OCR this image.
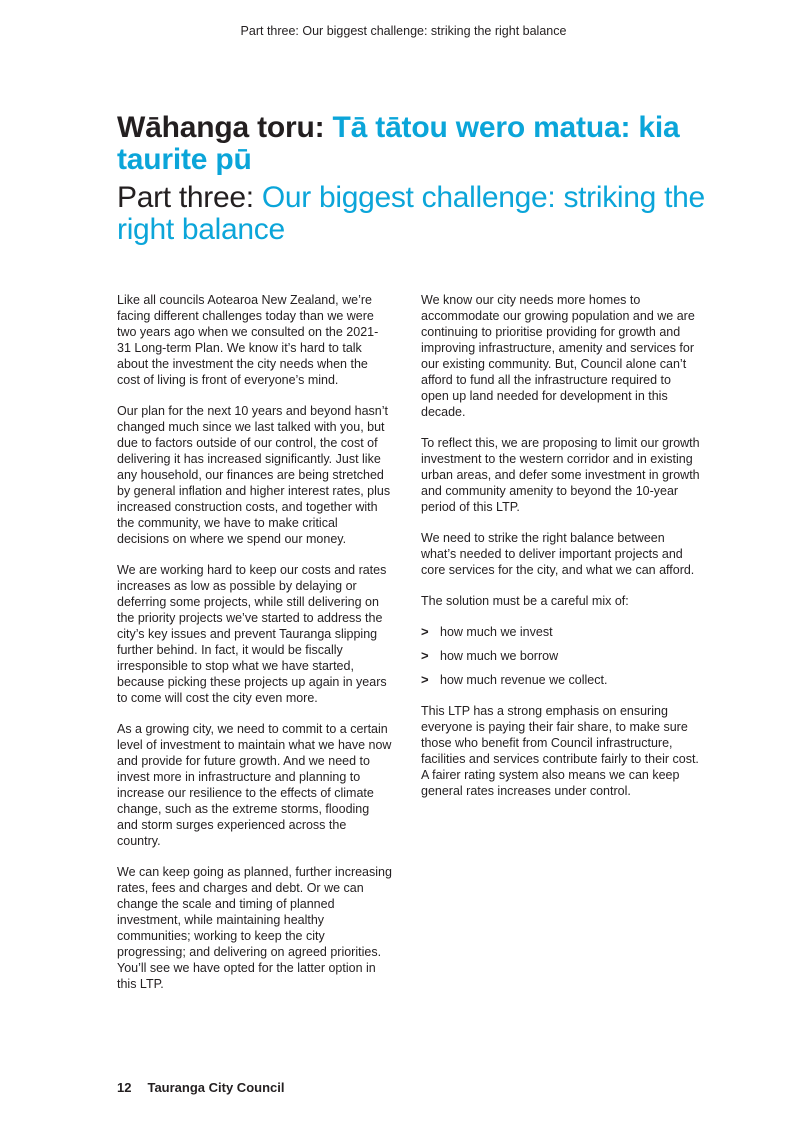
Part three: Our biggest challenge: striking the right balance
Wāhanga toru: Tā tātou wero matua: kia taurite pū
Part three: Our biggest challenge: striking the right balance

Like all councils Aotearoa New Zealand, we’re facing different challenges today than we were two years ago when we consulted on the 2021-31 Long-term Plan. We know it’s hard to talk about the investment the city needs when the cost of living is front of everyone’s mind.

Our plan for the next 10 years and beyond hasn’t changed much since we last talked with you, but due to factors outside of our control, the cost of delivering it has increased significantly. Just like any household, our finances are being stretched by general inflation and higher interest rates, plus increased construction costs, and together with the community, we have to make critical decisions on where we spend our money.

We are working hard to keep our costs and rates increases as low as possible by delaying or deferring some projects, while still delivering on the priority projects we’ve started to address the city’s key issues and prevent Tauranga slipping further behind. In fact, it would be fiscally irresponsible to stop what we have started, because picking these projects up again in years to come will cost the city even more.

As a growing city, we need to commit to a certain level of investment to maintain what we have now and provide for future growth. And we need to invest more in infrastructure and planning to increase our resilience to the effects of climate change, such as the extreme storms, flooding and storm surges experienced across the country.

We can keep going as planned, further increasing rates, fees and charges and debt. Or we can change the scale and timing of planned investment, while maintaining healthy communities; working to keep the city progressing; and delivering on agreed priorities. You’ll see we have opted for the latter option in this LTP.

We know our city needs more homes to accommodate our growing population and we are continuing to prioritise providing for growth and improving infrastructure, amenity and services for our existing community. But, Council alone can’t afford to fund all the infrastructure required to open up land needed for development in this decade.

To reflect this, we are proposing to limit our growth investment to the western corridor and in existing urban areas, and defer some investment in growth and community amenity to beyond the 10-year period of this LTP.

We need to strike the right balance between what’s needed to deliver important projects and core services for the city, and what we can afford.

The solution must be a careful mix of:

> how much we invest
> how much we borrow
> how much revenue we collect.

This LTP has a strong emphasis on ensuring everyone is paying their fair share, to make sure those who benefit from Council infrastructure, facilities and services contribute fairly to their cost. A fairer rating system also means we can keep general rates increases under control.

12 Tauranga City Council
